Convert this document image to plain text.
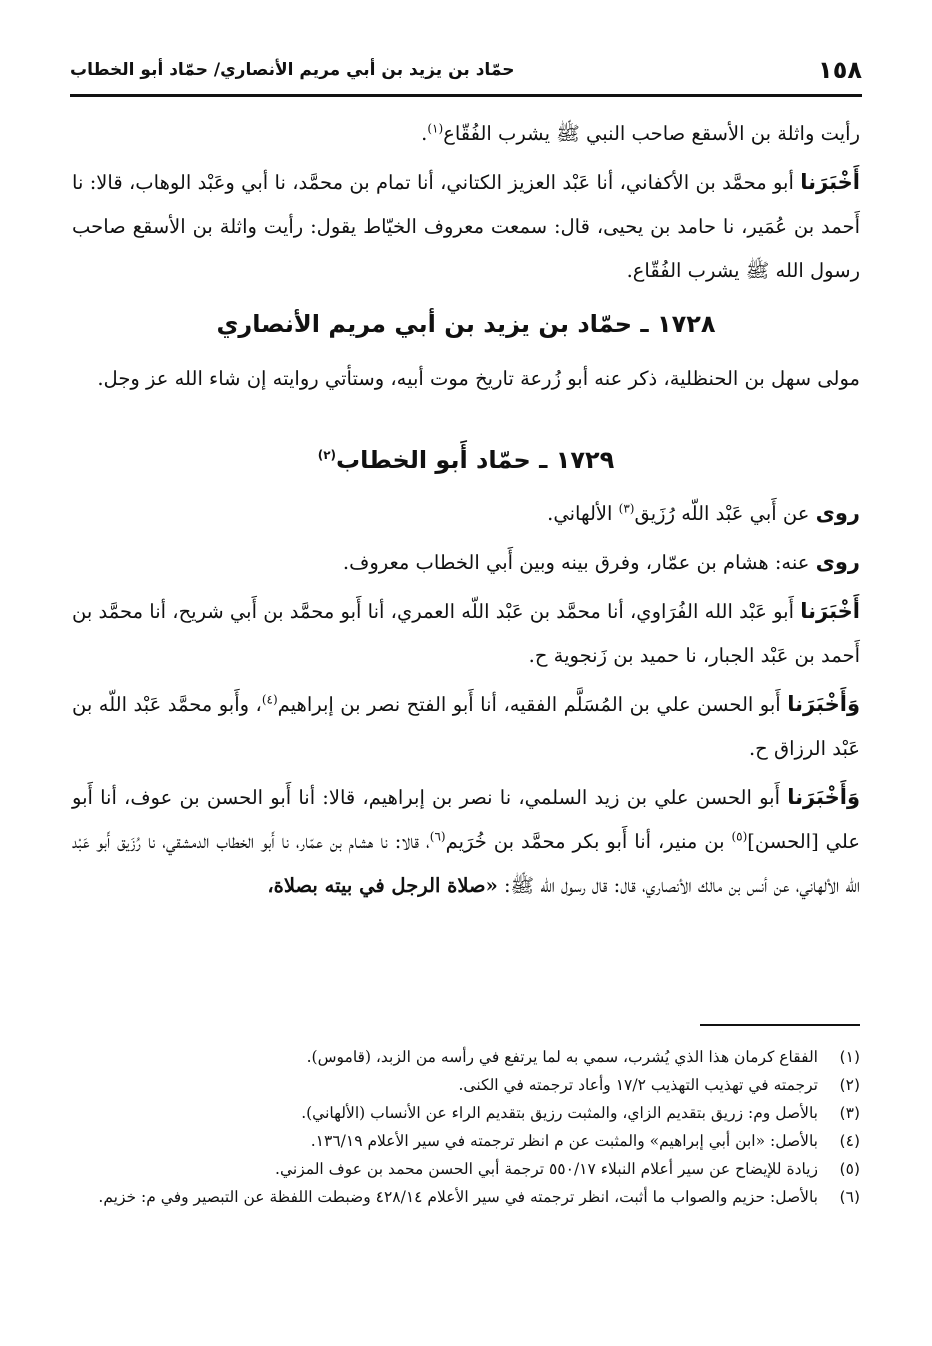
١٥٨
حمّاد بن يزيد بن أبي مريم الأنصاري/ حمّاد أبو الخطاب

رأيت واثلة بن الأسقع صاحب النبي ﷺ يشرب الفُقّاع$^{(١)}$.

أَخْبَرَنا أبو محمَّد بن الأكفاني، أنا عَبْد العزيز الكتاني، أنا تمام بن محمَّد، نا أبي وعَبْد الوهاب، قالا: نا أَحمد بن عُمَير، نا حامد بن يحيى، قال: سمعت معروف الخيّاط يقول: رأيت واثلة بن الأسقع صاحب رسول الله ﷺ يشرب الفُقّاع.

١٧٢٨ ـ حمّاد بن يزيد بن أبي مريم الأنصاري

مولى سهل بن الحنظلية، ذكر عنه أبو زُرعة تاريخ موت أبيه، وستأتي روايته إن شاء الله عز وجل.

١٧٢٩ ـ حمّاد أَبو الخطاب$^{(٢)}$

روى عن أَبي عَبْد اللّه رُزَيق$^{(٣)}$ الألهاني.

روى عنه: هشام بن عمّار، وفرق بينه وبين أَبي الخطاب معروف.

أَخْبَرَنا أَبو عَبْد الله الفُرَاوي، أنا محمَّد بن عَبْد اللّه العمري، أنا أَبو محمَّد بن أَبي شريح، أنا محمَّد بن أَحمد بن عَبْد الجبار، نا حميد بن زَنجوية ح.

وَأَخْبَرَنا أَبو الحسن علي بن المُسَلَّم الفقيه، أنا أَبو الفتح نصر بن إبراهيم$^{(٤)}$، وأَبو محمَّد عَبْد اللّه بن عَبْد الرزاق ح.

وَأَخْبَرَنا أَبو الحسن علي بن زيد السلمي، نا نصر بن إبراهيم، قالا: أنا أَبو الحسن بن عوف، أنا أَبو علي [الحسن]$^{(٥)}$ بن منير، أنا أَبو بكر محمَّد بن خُرَيم$^{(٦)}$، قالا: نا هشام بن عمّار، نا أَبو الخطاب الدمشقي، نا رُزَيق أَبو عَبْد اللّه الألهاني، عن أنس بن مالك الأنصاري، قال: قال رسول الله ﷺ: «صلاة الرجل في بيته بصلاة،

(١)
الفقاع كرمان هذا الذي يُشرب، سمي به لما يرتفع في رأسه من الزبد، (قاموس).
(٢)
ترجمته في تهذيب التهذيب ١٧/٢ وأعاد ترجمته في الكنى.
(٣)
بالأصل وم: زريق بتقديم الزاي، والمثبت رزيق بتقديم الراء عن الأنساب (الألهاني).
(٤)
بالأصل: «ابن أبي إبراهيم» والمثبت عن م انظر ترجمته في سير الأعلام ١٣٦/١٩.
(٥)
زيادة للإيضاح عن سير أعلام النبلاء ٥٥٠/١٧ ترجمة أبي الحسن محمد بن عوف المزني.
(٦)
بالأصل: حزيم والصواب ما أثبت، انظر ترجمته في سير الأعلام ٤٢٨/١٤ وضبطت اللفظة عن التبصير وفي م: خزيم.
